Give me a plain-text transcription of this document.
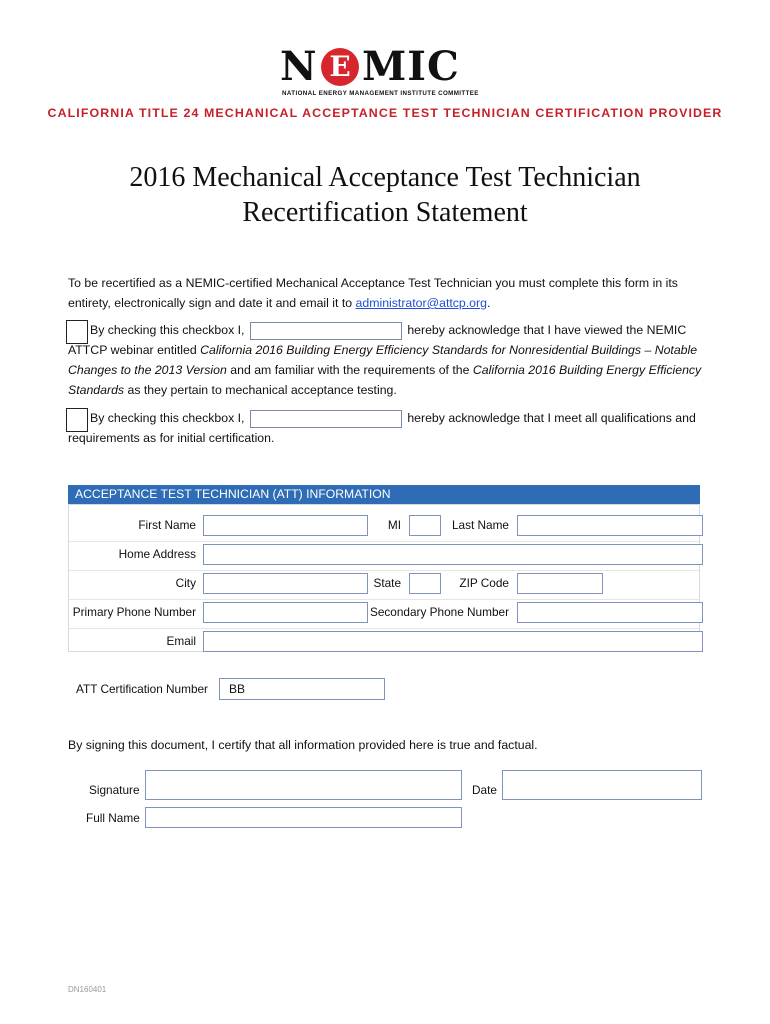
N E MIC
NATIONAL ENERGY MANAGEMENT INSTITUTE COMMITTEE
CALIFORNIA TITLE 24 MECHANICAL ACCEPTANCE TEST TECHNICIAN CERTIFICATION PROVIDER
2016 Mechanical Acceptance Test Technician
Recertification Statement
To be recertified as a NEMIC-certified Mechanical Acceptance Test Technician you must complete this form in its entirety, electronically sign and date it and email it to administrator@attcp.org.
By checking this checkbox I,	hereby acknowledge that I have viewed the NEMIC ATTCP webinar entitled California 2016 Building Energy Efficiency Standards for Nonresidential Buildings – Notable Changes to the 2013 Version and am familiar with the requirements of the California 2016 Building Energy Efficiency Standards as they pertain to mechanical acceptance testing.
By checking this checkbox I,	hereby acknowledge that I meet all qualifications and requirements as for initial certification.
ACCEPTANCE TEST TECHNICIAN (ATT) INFORMATION
First Name	MI	Last Name
Home Address
City	State	ZIP Code
Primary Phone Number	Secondary Phone Number
Email
ATT Certification Number	BB
By signing this document, I certify that all information provided here is true and factual.
Signature	Date
Full Name
DN160401
